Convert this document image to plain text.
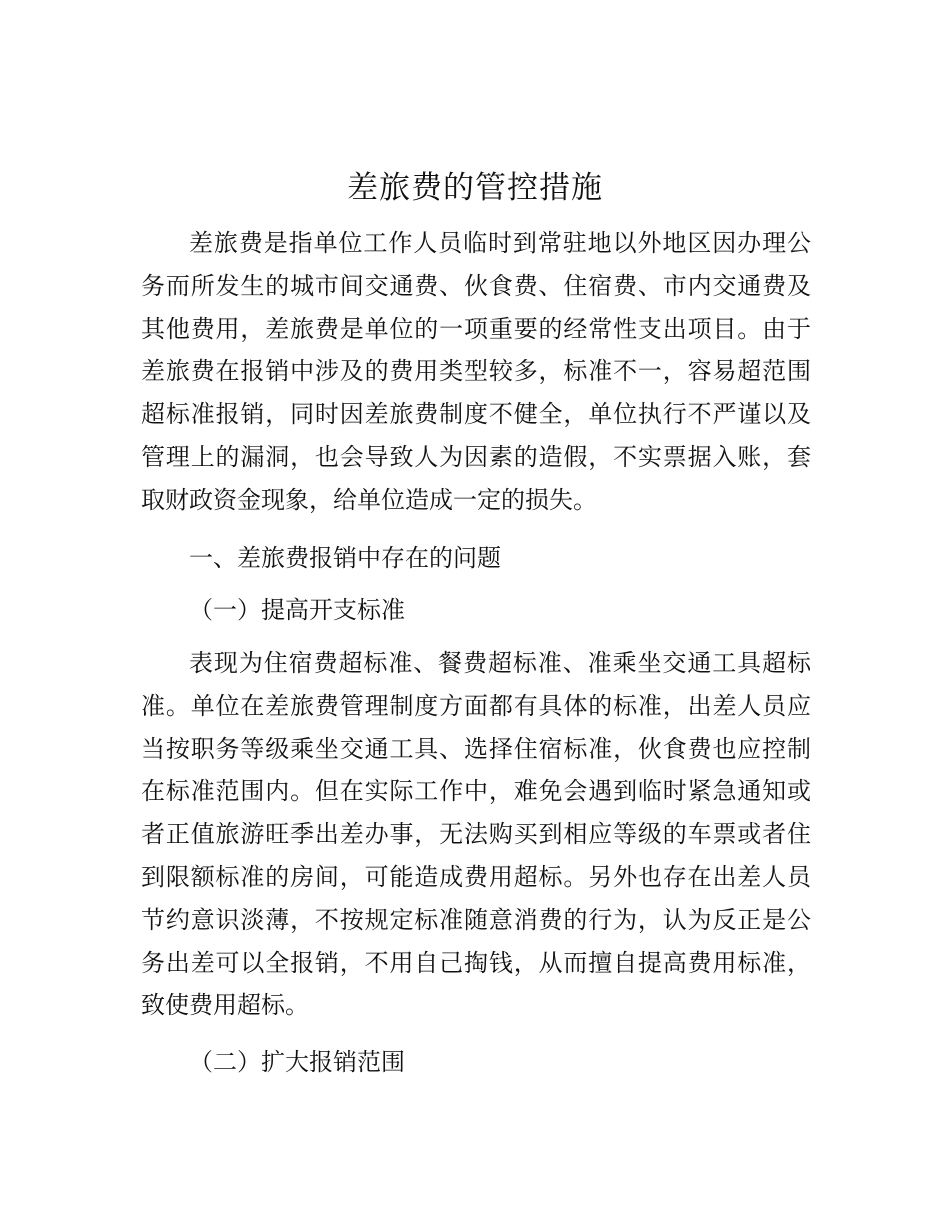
差旅费的管控措施
差旅费是指单位工作人员临时到常驻地以外地区因办理公务而所发生的城市间交通费、伙食费、住宿费、市内交通费及其他费用，差旅费是单位的一项重要的经常性支出项目。由于差旅费在报销中涉及的费用类型较多，标准不一，容易超范围超标准报销，同时因差旅费制度不健全，单位执行不严谨以及管理上的漏洞，也会导致人为因素的造假，不实票据入账，套取财政资金现象，给单位造成一定的损失。
一、差旅费报销中存在的问题
（一）提高开支标准
表现为住宿费超标准、餐费超标准、准乘坐交通工具超标准。单位在差旅费管理制度方面都有具体的标准，出差人员应当按职务等级乘坐交通工具、选择住宿标准，伙食费也应控制在标准范围内。但在实际工作中，难免会遇到临时紧急通知或者正值旅游旺季出差办事，无法购买到相应等级的车票或者住到限额标准的房间，可能造成费用超标。另外也存在出差人员节约意识淡薄，不按规定标准随意消费的行为，认为反正是公务出差可以全报销，不用自己掏钱，从而擅自提高费用标准，致使费用超标。
（二）扩大报销范围
